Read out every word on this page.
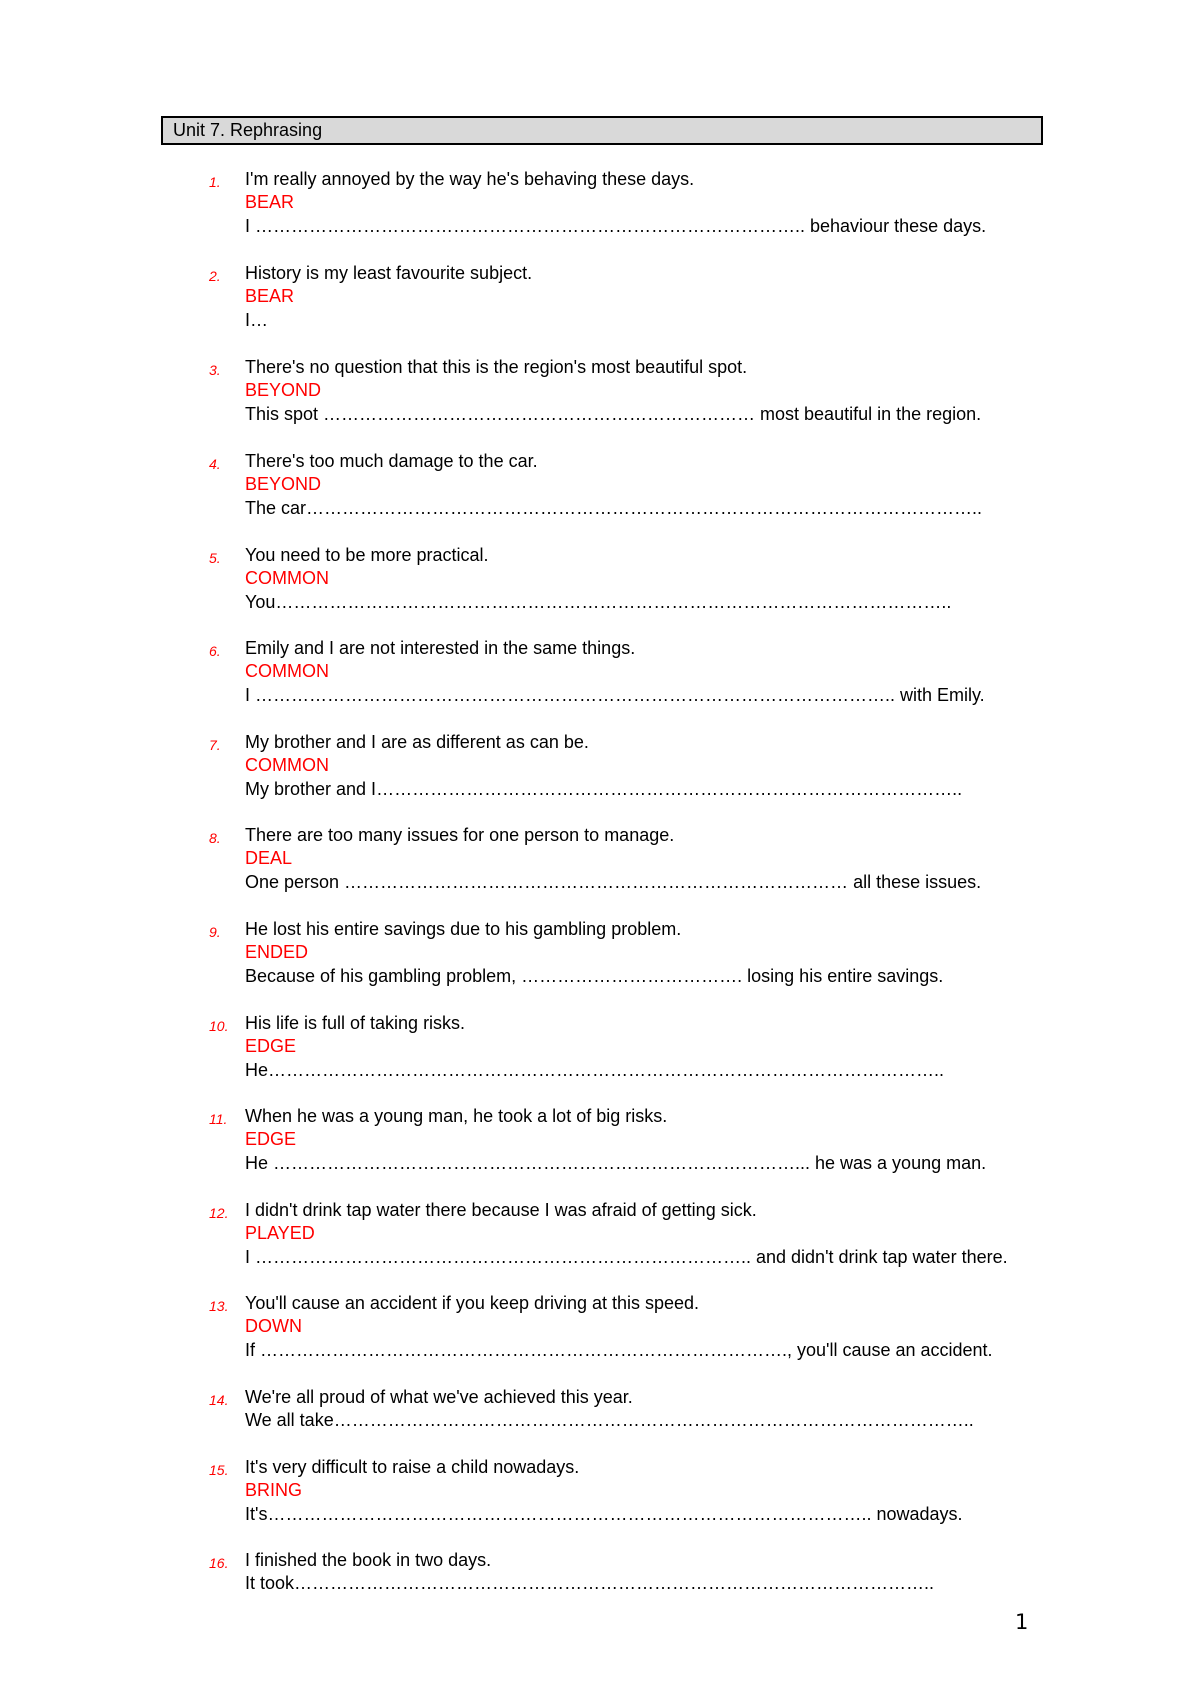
Unit 7. Rephrasing
1. I'm really annoyed by the way he's behaving these days.
BEAR
I ……………………………………………………………………………….. behaviour these days.
2. History is my least favourite subject.
BEAR
I…
3. There's no question that this is the region's most beautiful spot.
BEYOND
This spot ……………………………………………………………… most beautiful in the region.
4. There's too much damage to the car.
BEYOND
The car…………………………………………………………………………………………………..
5. You need to be more practical.
COMMON
You…………………………………………………………………………………………………..
6. Emily and I are not interested in the same things.
COMMON
I …………………………………………………………………………………………….. with Emily.
7. My brother and I are as different as can be.
COMMON
My brother and I……………………………………………………………………………………..
8. There are too many issues for one person to manage.
DEAL
One person ………………………………………………………………………… all these issues.
9. He lost his entire savings due to his gambling problem.
ENDED
Because of his gambling problem, ………………………………. losing his entire savings.
10. His life is full of taking risks.
EDGE
He…………………………………………………………………………………………………..
11. When he was a young man, he took a lot of big risks.
EDGE
He ……………………………………………………………………………... he was a young man.
12. I didn't drink tap water there because I was afraid of getting sick.
PLAYED
I ……………………………………………………………………….. and didn't drink tap water there.
13. You'll cause an accident if you keep driving at this speed.
DOWN
If ……………………………………………………………………………., you'll cause an accident.
14. We're all proud of what we've achieved this year.
We all take……………………………………………………………………………………………..
15. It's very difficult to raise a child nowadays.
BRING
It's……………………………………………………………………………………….. nowadays.
16. I finished the book in two days.
It took……………………………………………………………………………………………..
1
